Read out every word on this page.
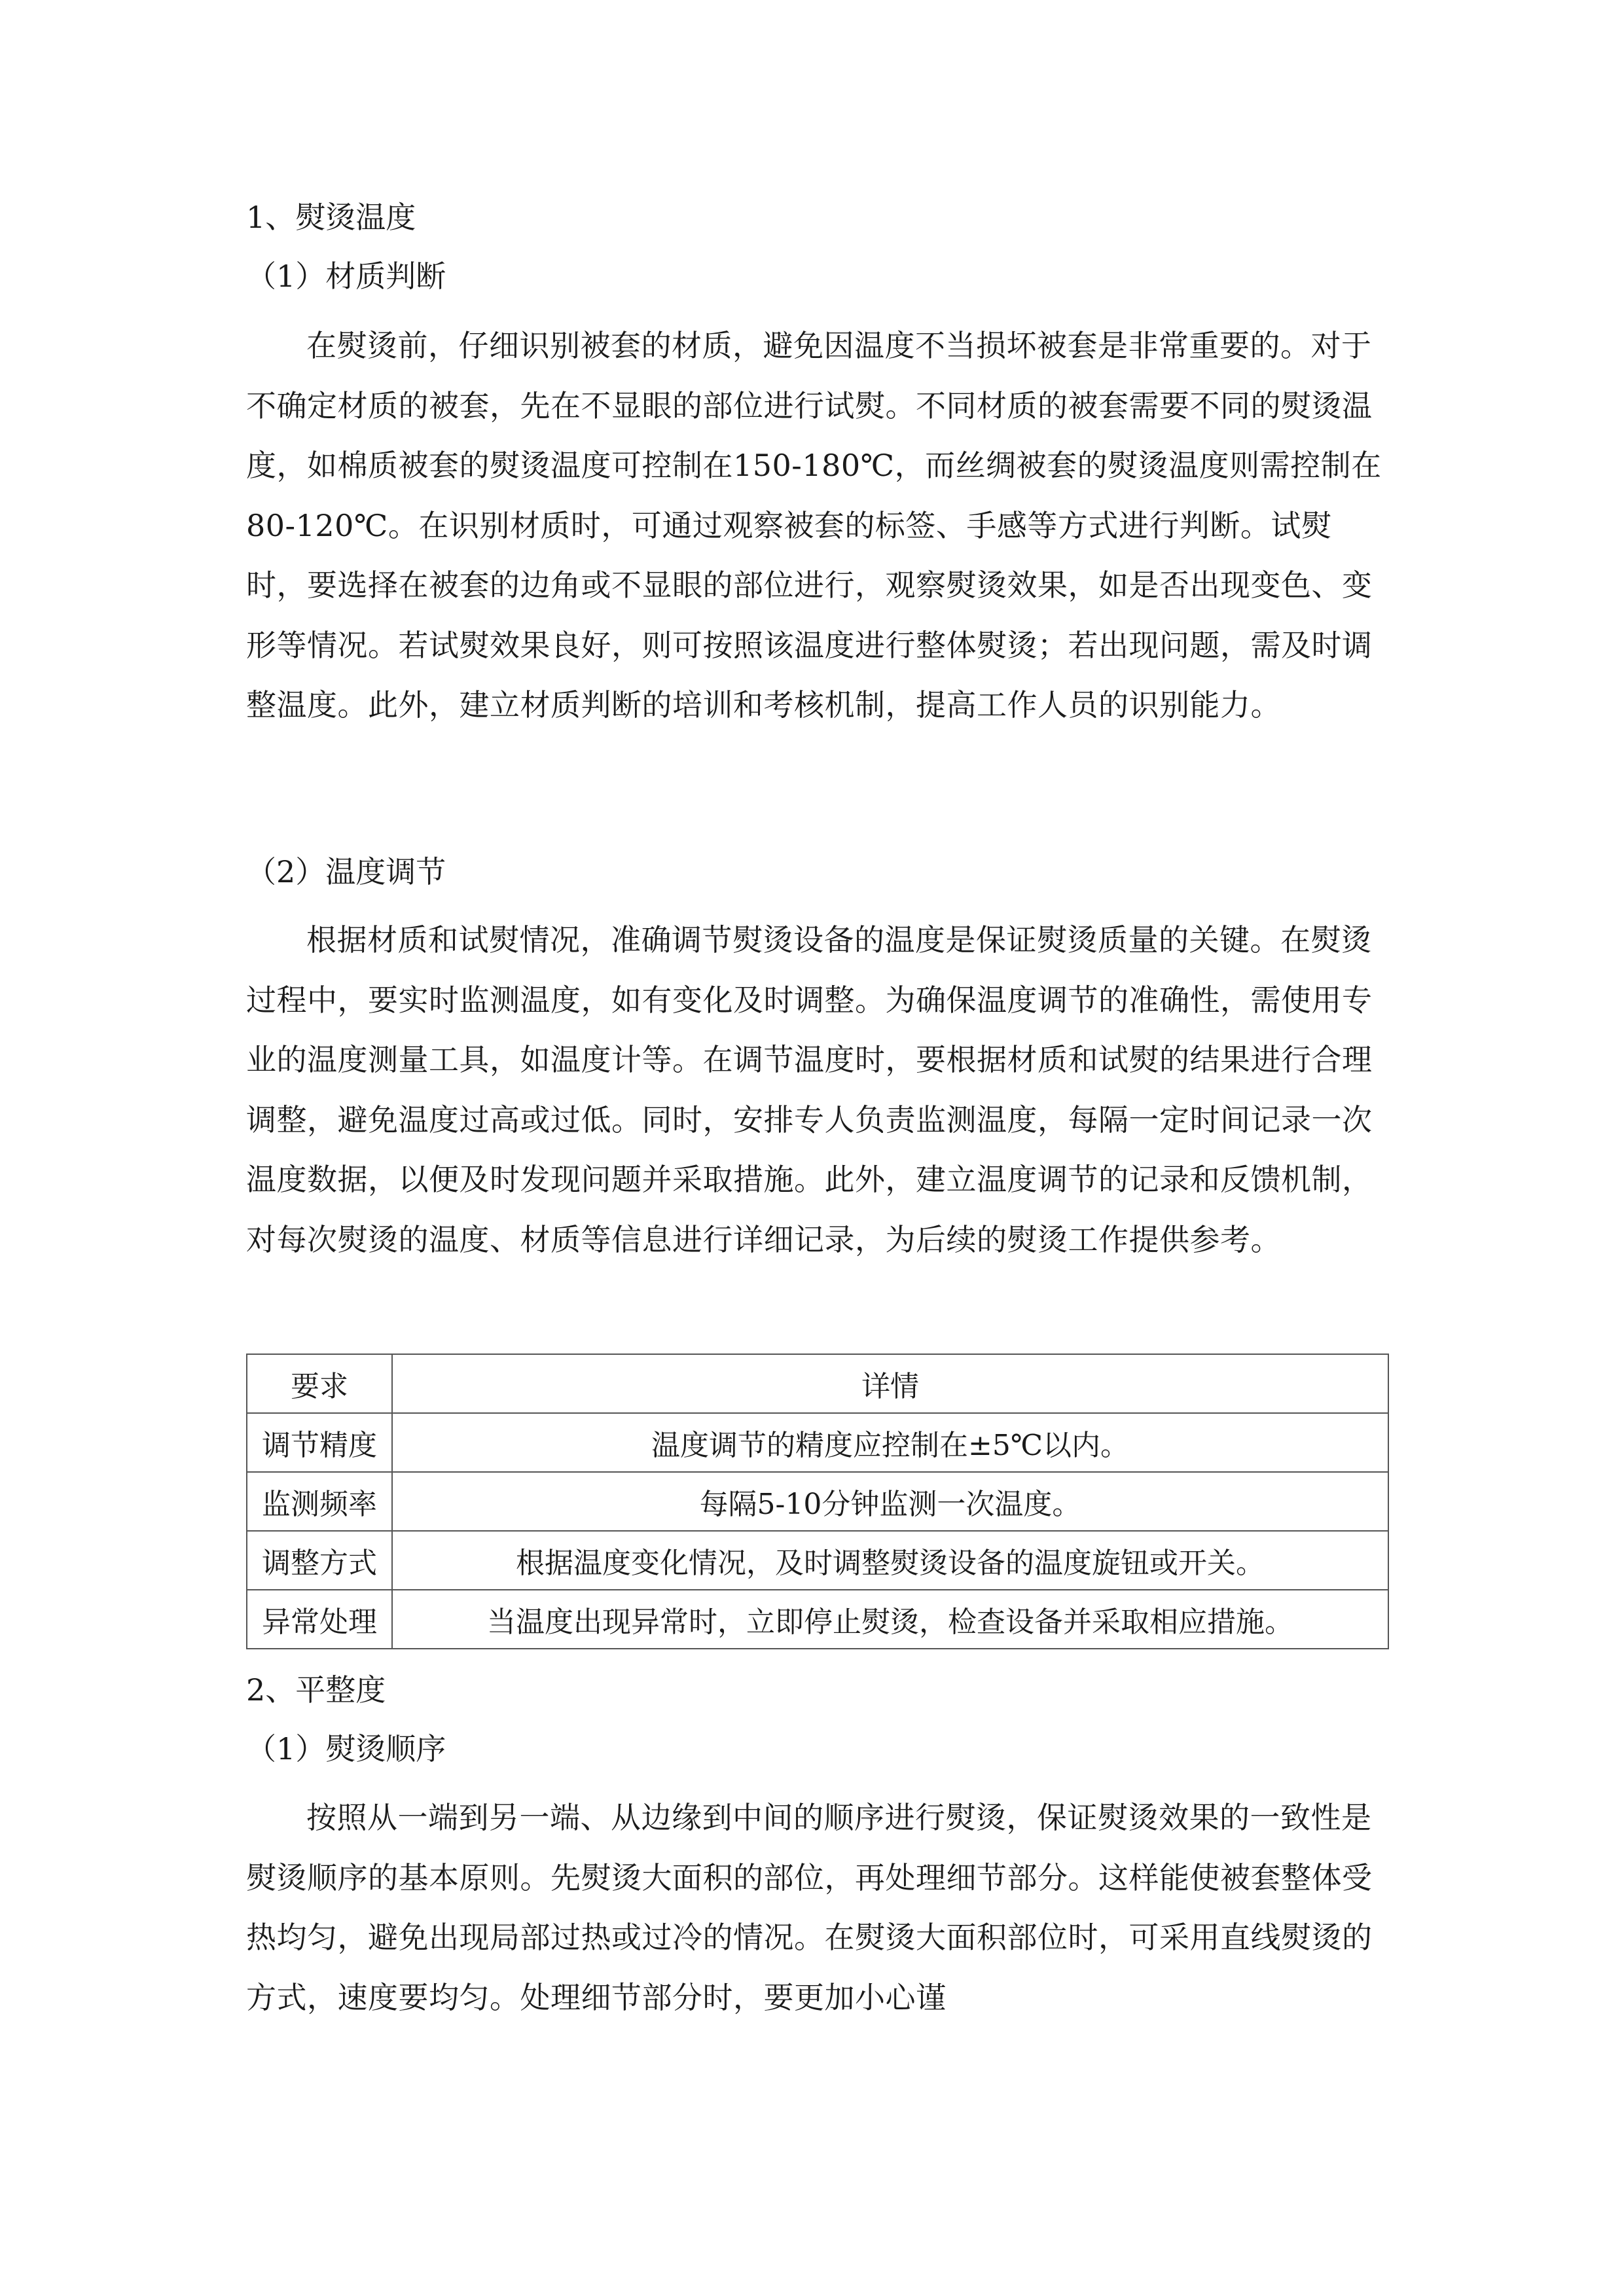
1、熨烫温度
（1）材质判断
在熨烫前，仔细识别被套的材质，避免因温度不当损坏被套是非常重要的。对于不确定材质的被套，先在不显眼的部位进行试熨。不同材质的被套需要不同的熨烫温度，如棉质被套的熨烫温度可控制在150-180℃，而丝绸被套的熨烫温度则需控制在80-120℃。在识别材质时，可通过观察被套的标签、手感等方式进行判断。试熨时，要选择在被套的边角或不显眼的部位进行，观察熨烫效果，如是否出现变色、变形等情况。若试熨效果良好，则可按照该温度进行整体熨烫；若出现问题，需及时调整温度。此外，建立材质判断的培训和考核机制，提高工作人员的识别能力。
（2）温度调节
根据材质和试熨情况，准确调节熨烫设备的温度是保证熨烫质量的关键。在熨烫过程中，要实时监测温度，如有变化及时调整。为确保温度调节的准确性，需使用专业的温度测量工具，如温度计等。在调节温度时，要根据材质和试熨的结果进行合理调整，避免温度过高或过低。同时，安排专人负责监测温度，每隔一定时间记录一次温度数据，以便及时发现问题并采取措施。此外，建立温度调节的记录和反馈机制，对每次熨烫的温度、材质等信息进行详细记录，为后续的熨烫工作提供参考。
要求	详情
调节精度	温度调节的精度应控制在±5℃以内。
监测频率	每隔5-10分钟监测一次温度。
调整方式	根据温度变化情况，及时调整熨烫设备的温度旋钮或开关。
异常处理	当温度出现异常时，立即停止熨烫，检查设备并采取相应措施。
2、平整度
（1）熨烫顺序
按照从一端到另一端、从边缘到中间的顺序进行熨烫，保证熨烫效果的一致性是熨烫顺序的基本原则。先熨烫大面积的部位，再处理细节部分。这样能使被套整体受热均匀，避免出现局部过热或过冷的情况。在熨烫大面积部位时，可采用直线熨烫的方式，速度要均匀。处理细节部分时，要更加小心谨
